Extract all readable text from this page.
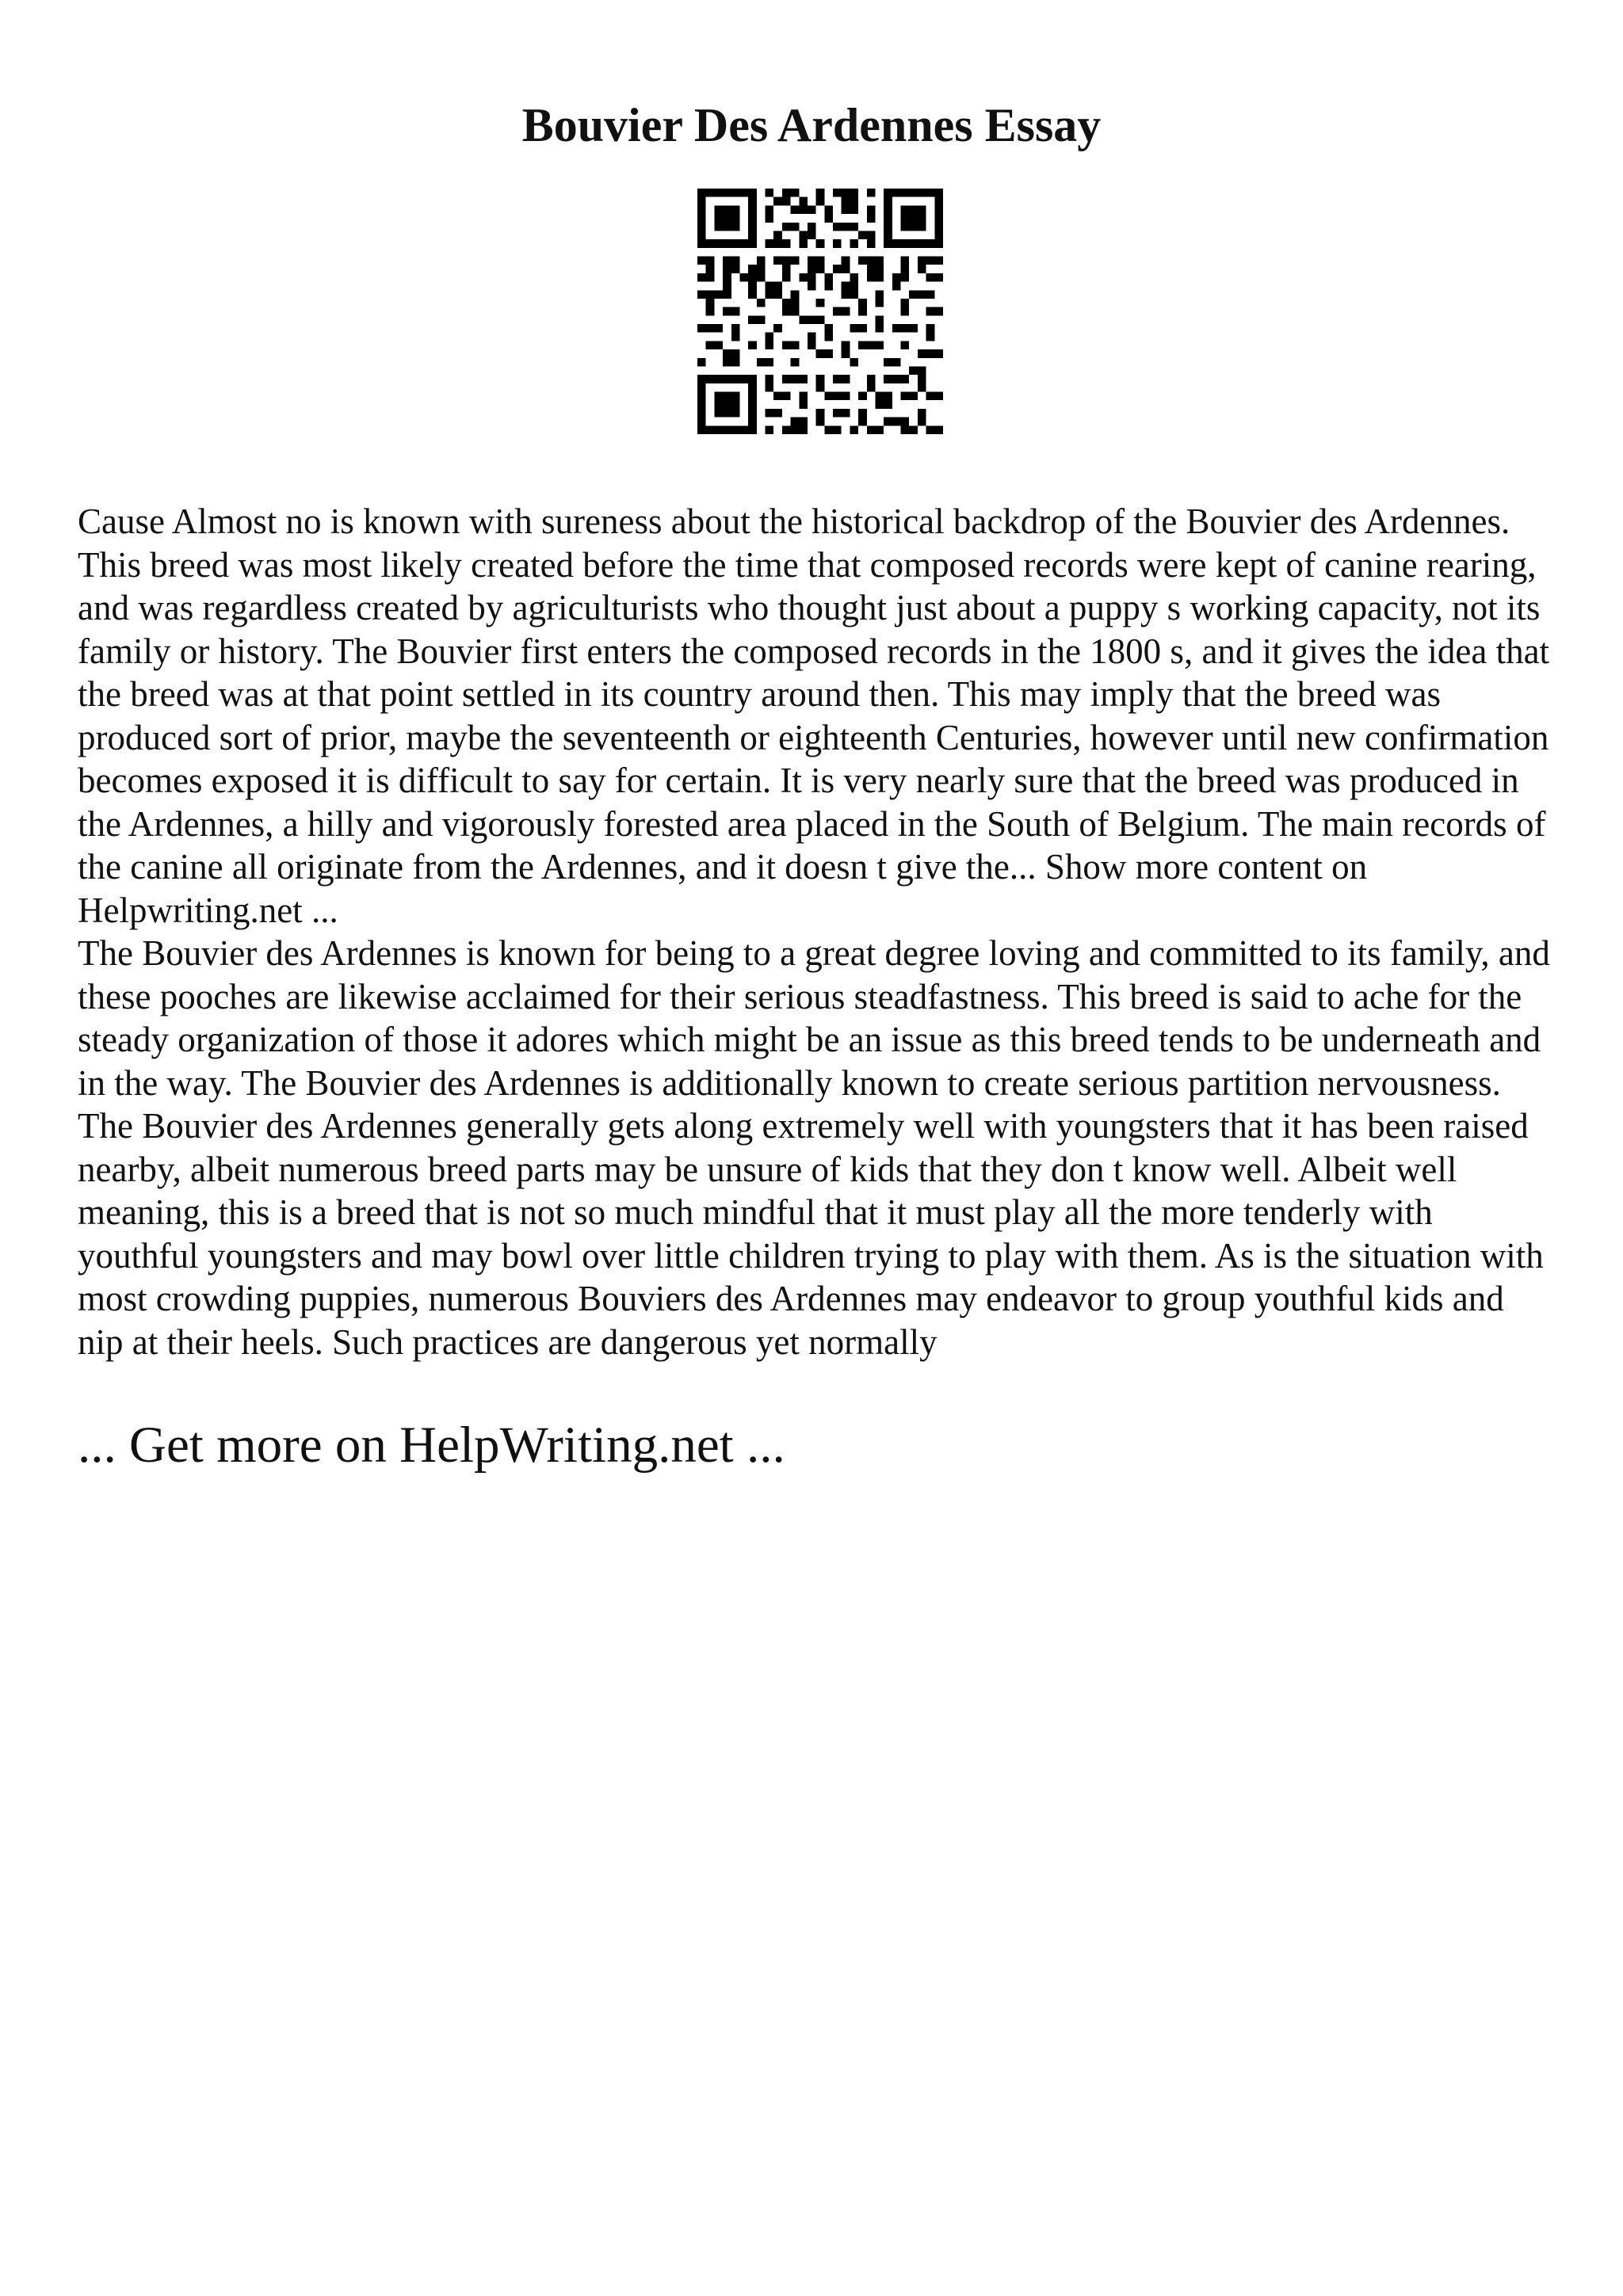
Bouvier Des Ardennes Essay

Cause Almost no is known with sureness about the historical backdrop of the Bouvier des Ardennes. This breed was most likely created before the time that composed records were kept of canine rearing, and was regardless created by agriculturists who thought just about a puppy s working capacity, not its family or history. The Bouvier first enters the composed records in the 1800 s, and it gives the idea that the breed was at that point settled in its country around then. This may imply that the breed was produced sort of prior, maybe the seventeenth or eighteenth Centuries, however until new confirmation becomes exposed it is difficult to say for certain. It is very nearly sure that the breed was produced in the Ardennes, a hilly and vigorously forested area placed in the South of Belgium. The main records of the canine all originate from the Ardennes, and it doesn t give the... Show more content on Helpwriting.net ...

The Bouvier des Ardennes is known for being to a great degree loving and committed to its family, and these pooches are likewise acclaimed for their serious steadfastness. This breed is said to ache for the steady organization of those it adores which might be an issue as this breed tends to be underneath and in the way. The Bouvier des Ardennes is additionally known to create serious partition nervousness. The Bouvier des Ardennes generally gets along extremely well with youngsters that it has been raised nearby, albeit numerous breed parts may be unsure of kids that they don t know well. Albeit well meaning, this is a breed that is not so much mindful that it must play all the more tenderly with youthful youngsters and may bowl over little children trying to play with them. As is the situation with most crowding puppies, numerous Bouviers des Ardennes may endeavor to group youthful kids and nip at their heels. Such practices are dangerous yet normally

... Get more on HelpWriting.net ...
